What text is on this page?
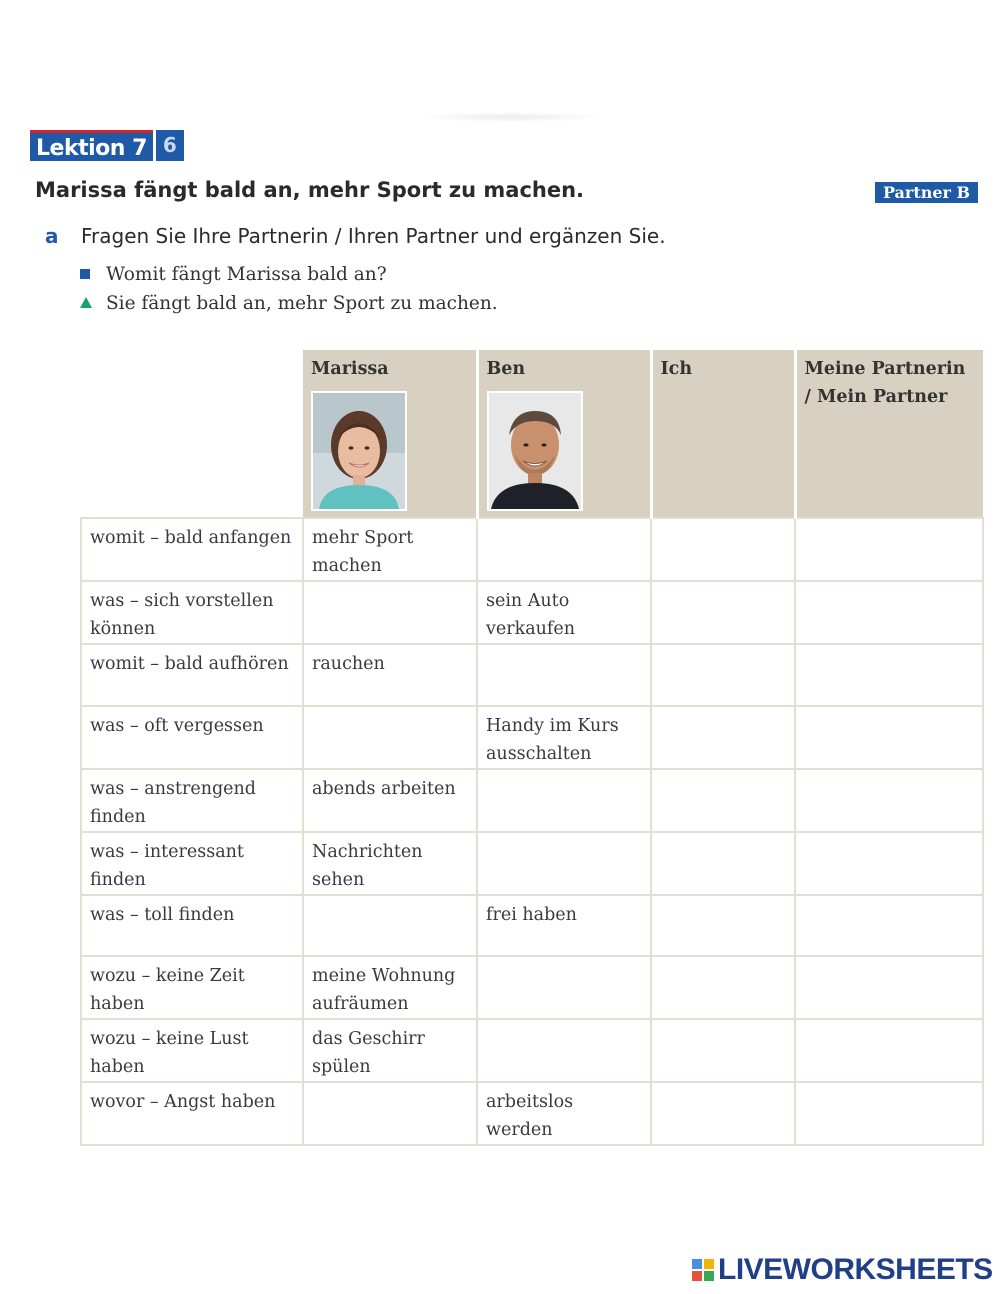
Lektion 7 6
Marissa fängt bald an, mehr Sport zu machen.	Partner B
a Fragen Sie Ihre Partnerin / Ihren Partner und ergänzen Sie.
Womit fängt Marissa bald an?
Sie fängt bald an, mehr Sport zu machen.

	Marissa	Ben	Ich	Meine Partnerin / Mein Partner

womit – bald anfangen	mehr Sport machen			
was – sich vorstellen können		sein Auto verkaufen		
womit – bald aufhören	rauchen			
was – oft vergessen		Handy im Kurs ausschalten		
was – anstrengend finden	abends arbeiten			
was – interessant finden	Nachrichten sehen			
was – toll finden		frei haben		
wozu – keine Zeit haben	meine Wohnung aufräumen			
wozu – keine Lust haben	das Geschirr spülen			
wovor – Angst haben		arbeitslos werden		
LIVEWORKSHEETS
